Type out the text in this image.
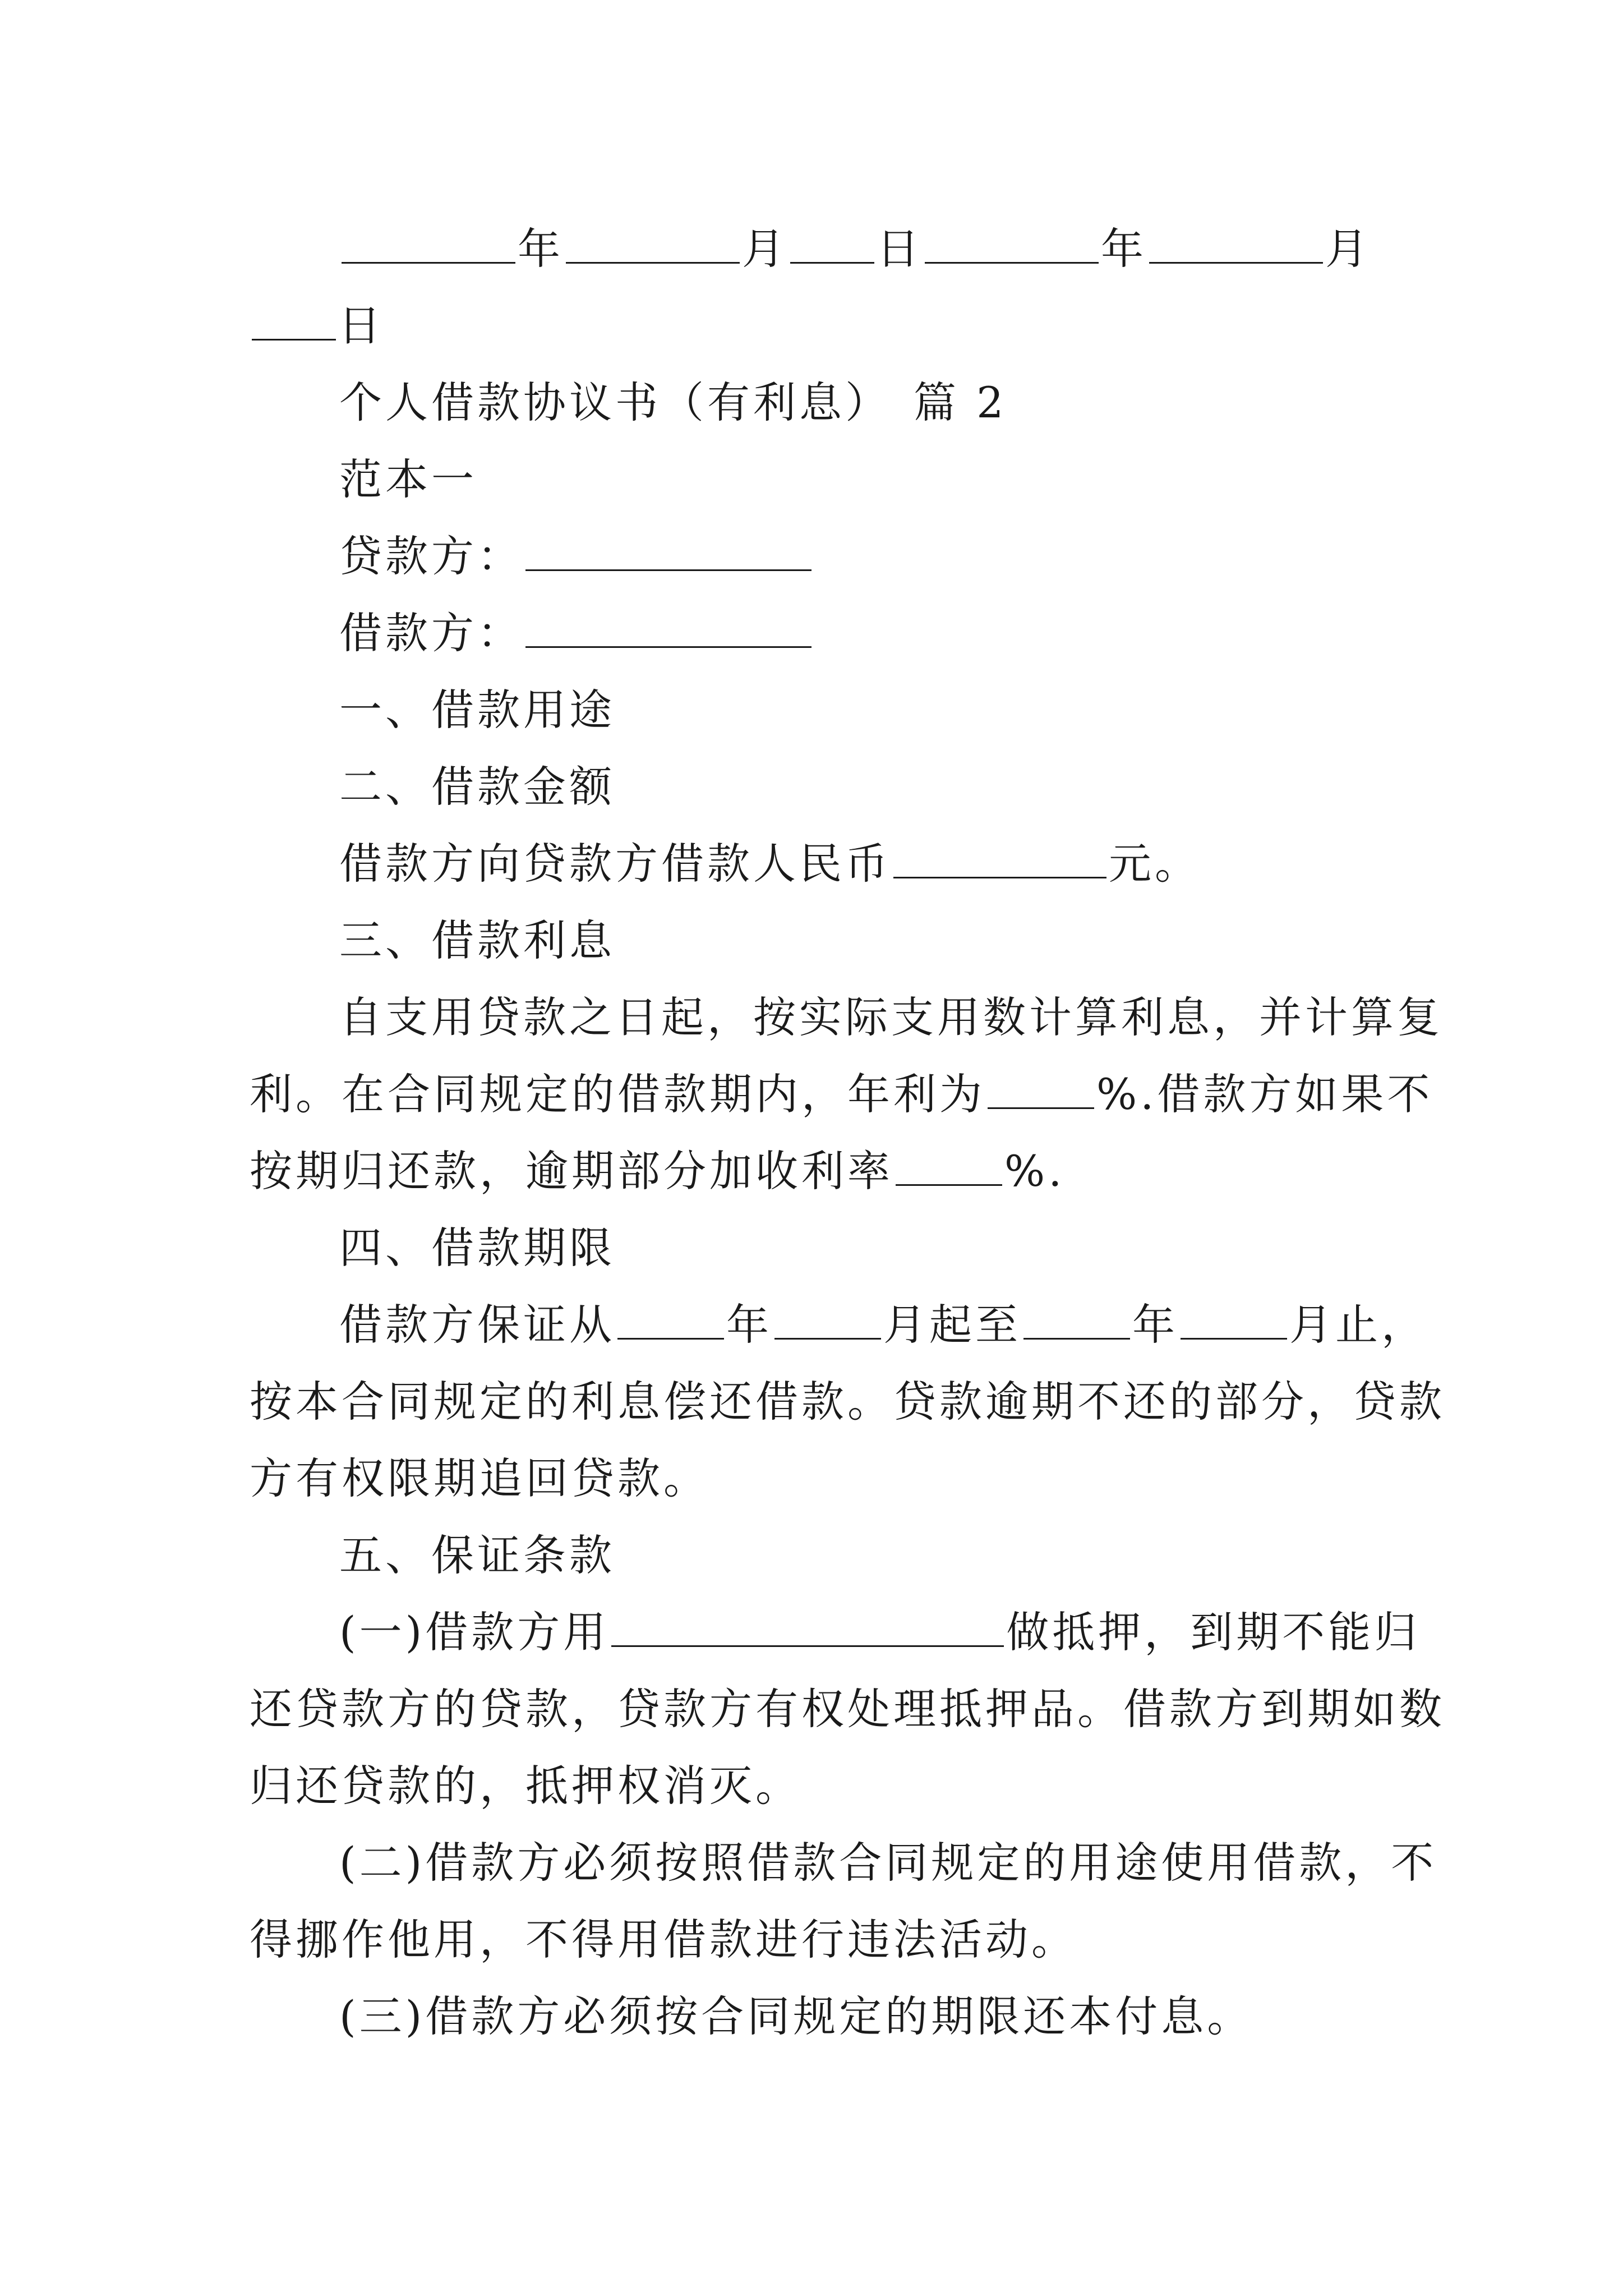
年	月 日	年	月
日
个人借款协议书（有利息） 篇 2
范本一
贷款方：
借款方：
一、借款用途
二、借款金额
借款方向贷款方借款人民币	元。
三、借款利息
自支用贷款之日起，按实际支用数计算利息，并计算复
利。在合同规定的借款期内，年利为	%.借款方如果不
按期归还款，逾期部分加收利率	%.
四、借款期限
借款方保证从	年	月起至	年	月止，
按本合同规定的利息偿还借款。贷款逾期不还的部分，贷款
方有权限期追回贷款。
五、保证条款
(一)借款方用	做抵押，到期不能归
还贷款方的贷款，贷款方有权处理抵押品。借款方到期如数
归还贷款的，抵押权消灭。
(二)借款方必须按照借款合同规定的用途使用借款，不
得挪作他用，不得用借款进行违法活动。
(三)借款方必须按合同规定的期限还本付息。
